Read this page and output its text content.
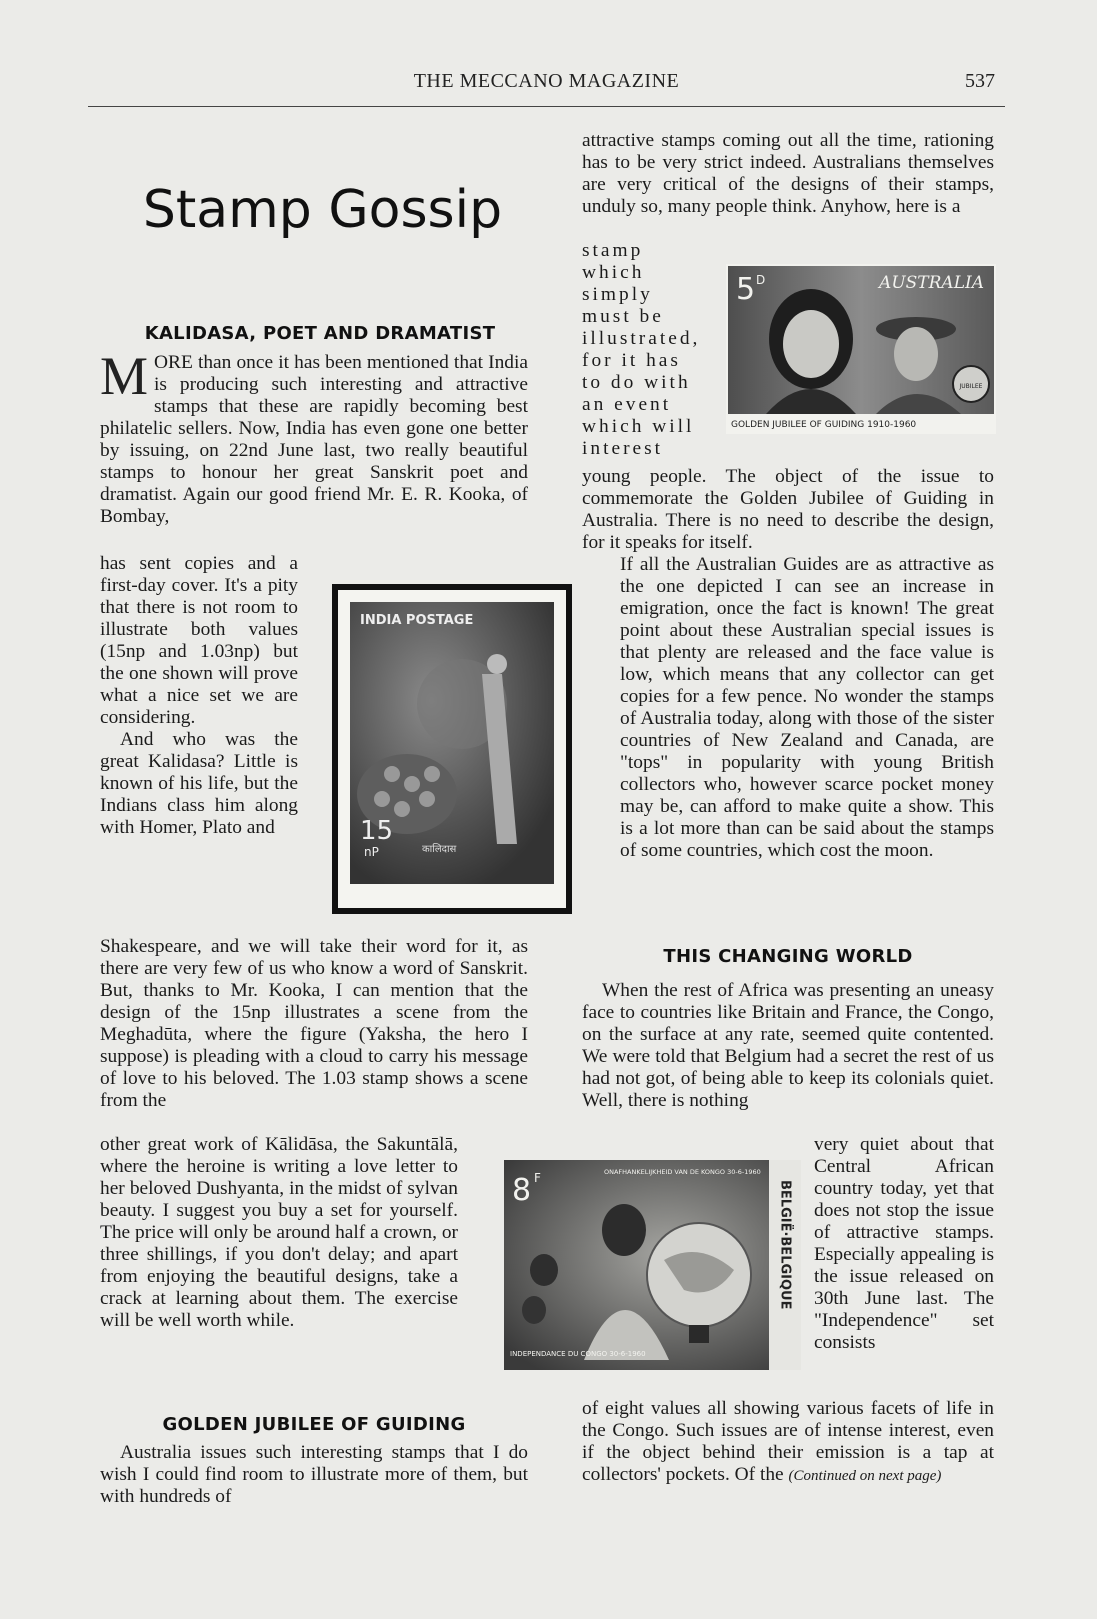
THE MECCANO MAGAZINE	537
Stamp Gossip
KALIDASA, POET AND DRAMATIST
MORE than once it has been mentioned that India is producing such interesting and attractive stamps that these are rapidly becoming best philatelic sellers. Now, India has even gone one better by issuing, on 22nd June last, two really beautiful stamps to honour her great Sanskrit poet and dramatist. Again our good friend Mr. E. R. Kooka, of Bombay,

has sent copies and a first-day cover. It's a pity that there is not room to illustrate both values (15np and 1.03np) but the one shown will prove what a nice set we are considering.

And who was the great Kalidasa? Little is known of his life, but the Indians class him along with Homer, Plato and

INDIA POSTAGE
15
nP	कालिदास

Shakespeare, and we will take their word for it, as there are very few of us who know a word of Sanskrit. But, thanks to Mr. Kooka, I can mention that the design of the 15np illustrates a scene from the Meghadūta, where the figure (Yaksha, the hero I suppose) is pleading with a cloud to carry his message of love to his beloved. The 1.03 stamp shows a scene from the

other great work of Kālidāsa, the Sakuntālā, where the heroine is writing a love letter to her beloved Dushyanta, in the midst of sylvan beauty. I suggest you buy a set for yourself. The price will only be around half a crown, or three shillings, if you don't delay; and apart from enjoying the beautiful designs, take a crack at learning about them. The exercise will be well worth while.

GOLDEN JUBILEE OF GUIDING

Australia issues such interesting stamps that I do wish I could find room to illustrate more of them, but with hundreds of

attractive stamps coming out all the time, rationing has to be very strict indeed. Australians themselves are very critical of the designs of their stamps, unduly so, many people think. Anyhow, here is a

stamp which simply must be illustrated, for it has to do with an event which will interest

JUBILEE
5 D	AUSTRALIA
GOLDEN JUBILEE OF GUIDING 1910-1960

young people. The object of the issue to commemorate the Golden Jubilee of Guiding in Australia. There is no need to describe the design, for it speaks for itself.

If all the Australian Guides are as attractive as the one depicted I can see an increase in emigration, once the fact is known! The great point about these Australian special issues is that plenty are released and the face value is low, which means that any collector can get copies for a few pence. No wonder the stamps of Australia today, along with those of the sister countries of New Zealand and Canada, are "tops" in popularity with young British collectors who, however scarce pocket money may be, can afford to make quite a show. This is a lot more than can be said about the stamps of some countries, which cost the moon.

THIS CHANGING WORLD

When the rest of Africa was presenting an uneasy face to countries like Britain and France, the Congo, on the surface at any rate, seemed quite contented. We were told that Belgium had a secret the rest of us had not got, of being able to keep its colonials quiet. Well, there is nothing

8 F	ONAFHANKELIJKHEID VAN DE KONGO 30-6-1960
BELGIË·BELGIQUE
INDEPENDANCE DU CONGO 30-6-1960

very quiet about that Central African country today, yet that does not stop the issue of attractive stamps. Especially appealing is the issue released on 30th June last. The "Independence" set consists

of eight values all showing various facets of life in the Congo. Such issues are of intense interest, even if the object behind their emission is a tap at collectors' pockets. Of the (Continued on next page)
